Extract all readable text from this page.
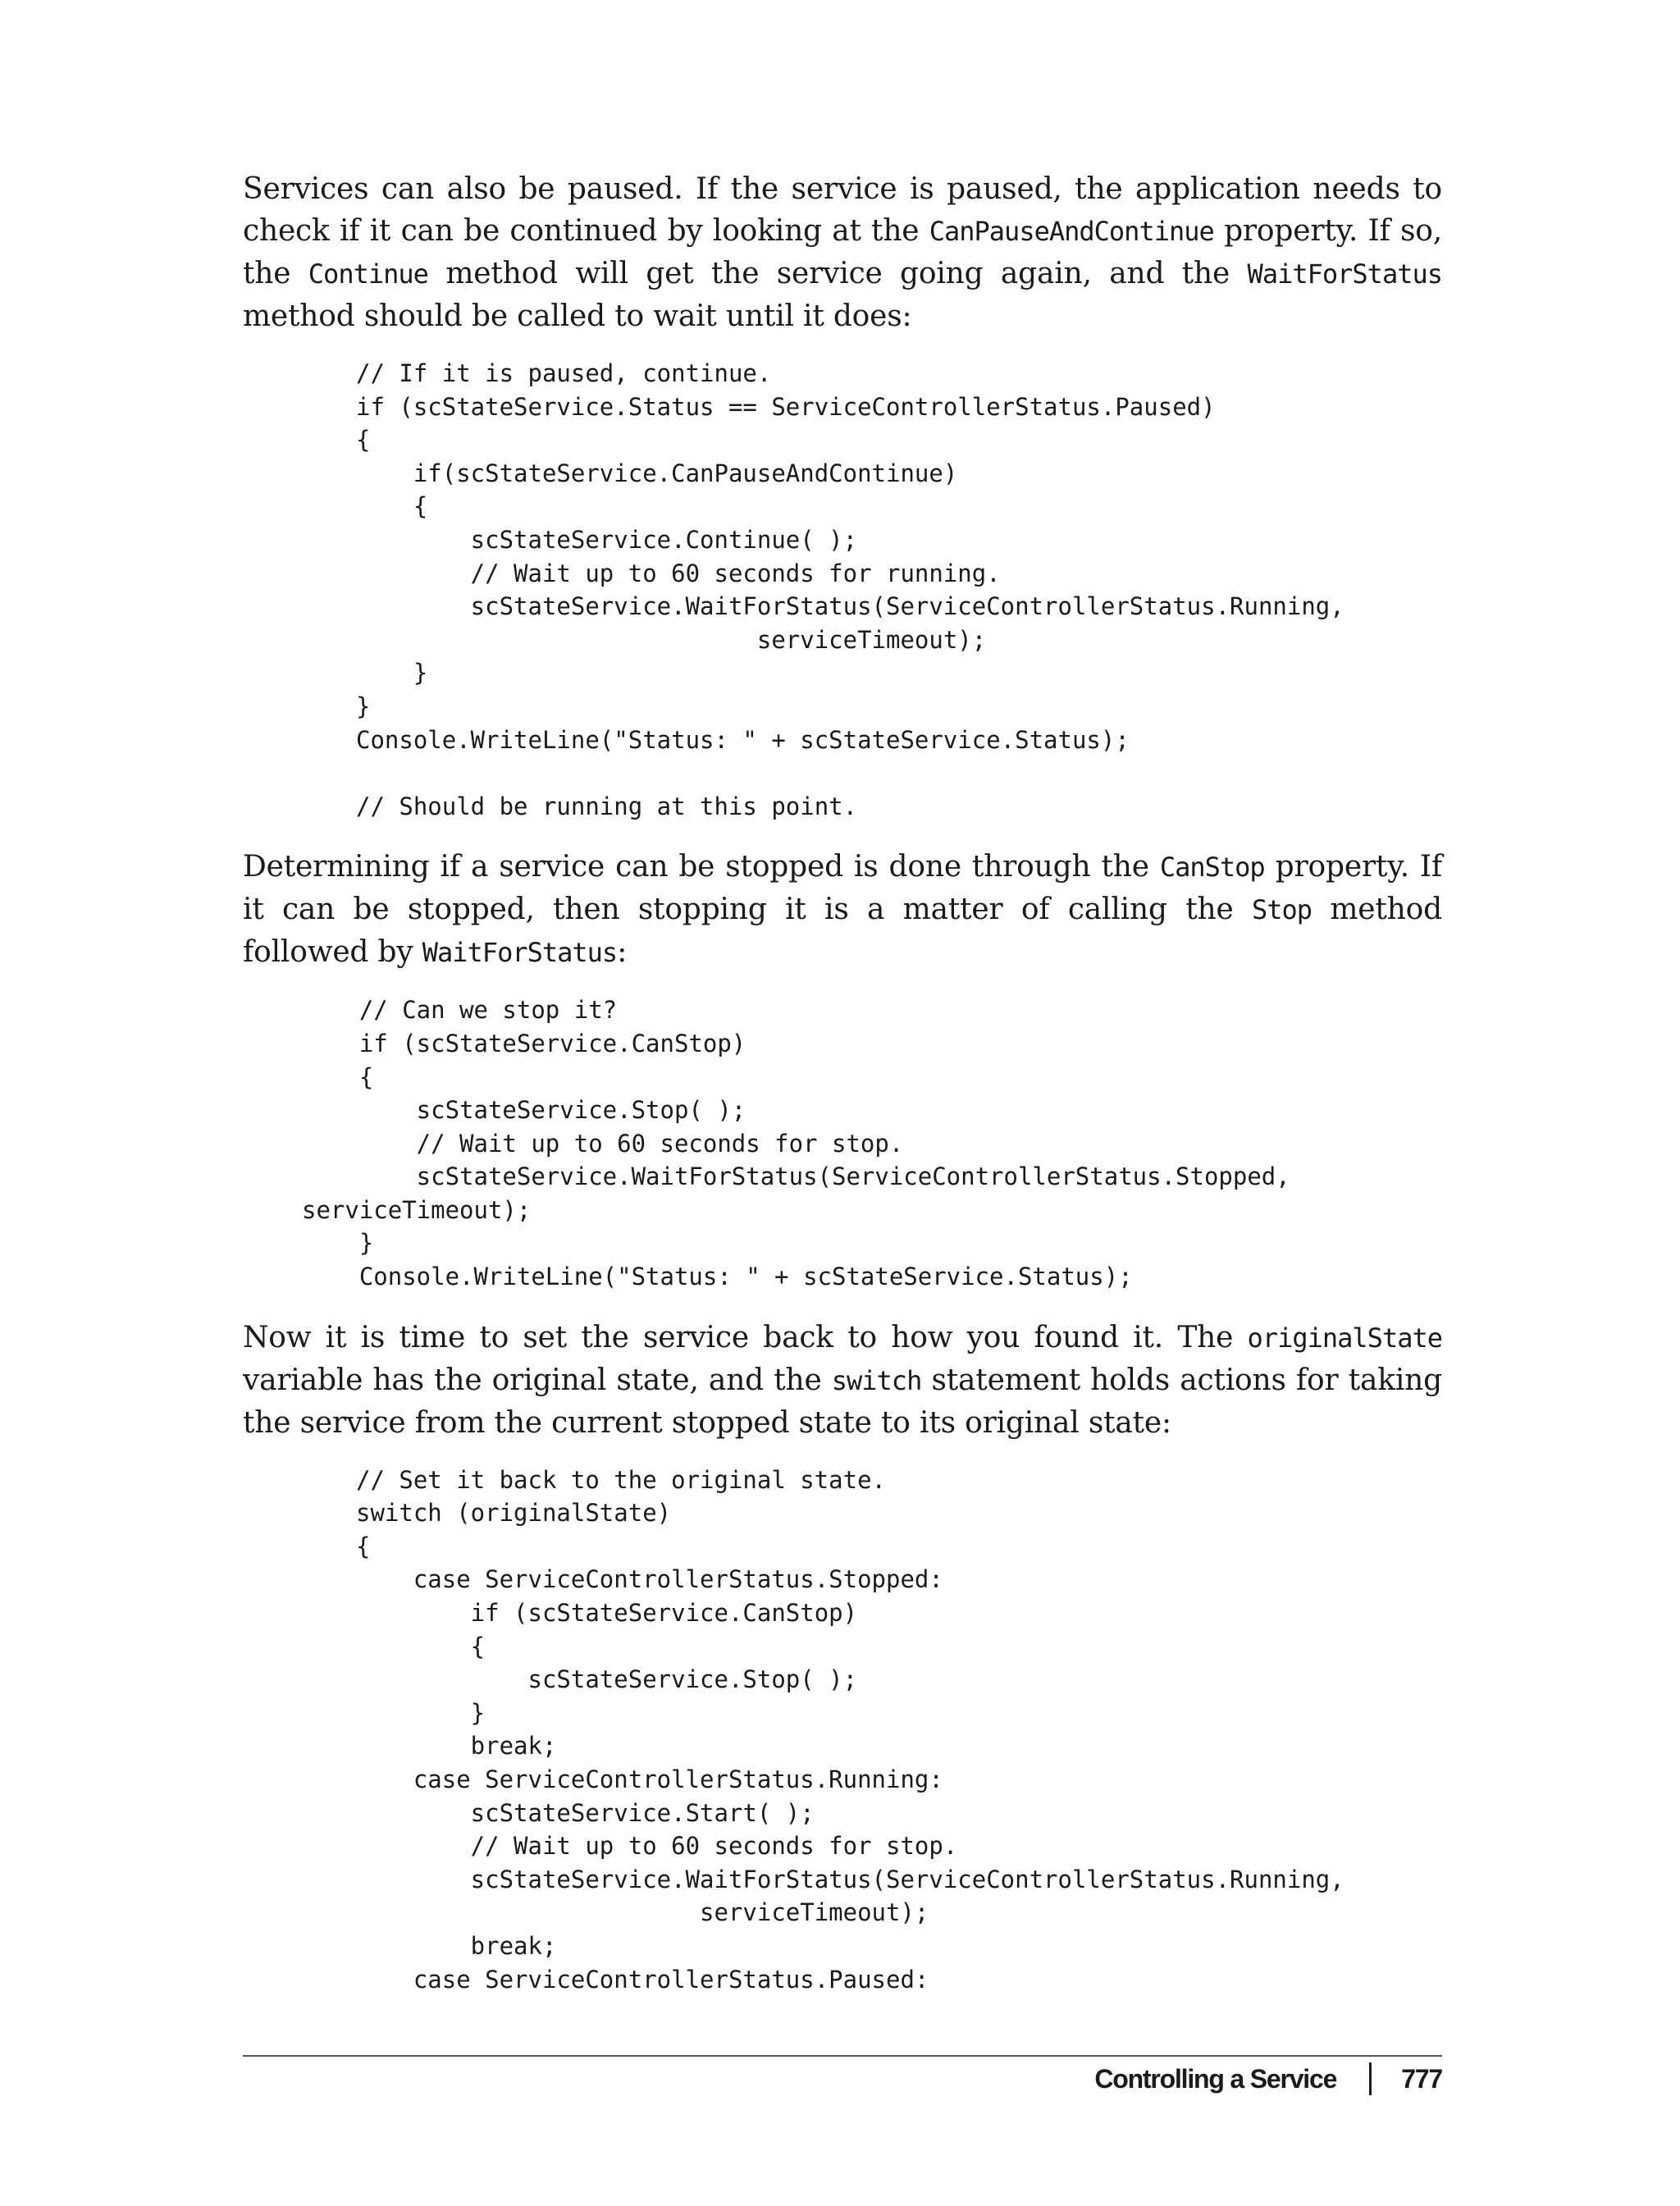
Services can also be paused. If the service is paused, the application needs to check if it can be continued by looking at the CanPauseAndContinue property. If so, the Continue method will get the service going again, and the WaitForStatus method should be called to wait until it does:

// If it is paused, continue.
if (scStateService.Status == ServiceControllerStatus.Paused)
{
if(scStateService.CanPauseAndContinue)
{
scStateService.Continue( );
// Wait up to 60 seconds for running.
scStateService.WaitForStatus(ServiceControllerStatus.Running,
serviceTimeout);
}
}
Console.WriteLine("Status: " + scStateService.Status);

// Should be running at this point.

Determining if a service can be stopped is done through the CanStop property. If it can be stopped, then stopping it is a matter of calling the Stop method followed by WaitForStatus:

// Can we stop it?
if (scStateService.CanStop)
{
scStateService.Stop( );
// Wait up to 60 seconds for stop.
scStateService.WaitForStatus(ServiceControllerStatus.Stopped,
serviceTimeout);
}
Console.WriteLine("Status: " + scStateService.Status);

Now it is time to set the service back to how you found it. The originalState variable has the original state, and the switch statement holds actions for taking the service from the current stopped state to its original state:

// Set it back to the original state.
switch (originalState)
{
case ServiceControllerStatus.Stopped:
if (scStateService.CanStop)
{
scStateService.Stop( );
}
break;
case ServiceControllerStatus.Running:
scStateService.Start( );
// Wait up to 60 seconds for stop.
scStateService.WaitForStatus(ServiceControllerStatus.Running,
serviceTimeout);
break;
case ServiceControllerStatus.Paused:
Controlling a Service 777
